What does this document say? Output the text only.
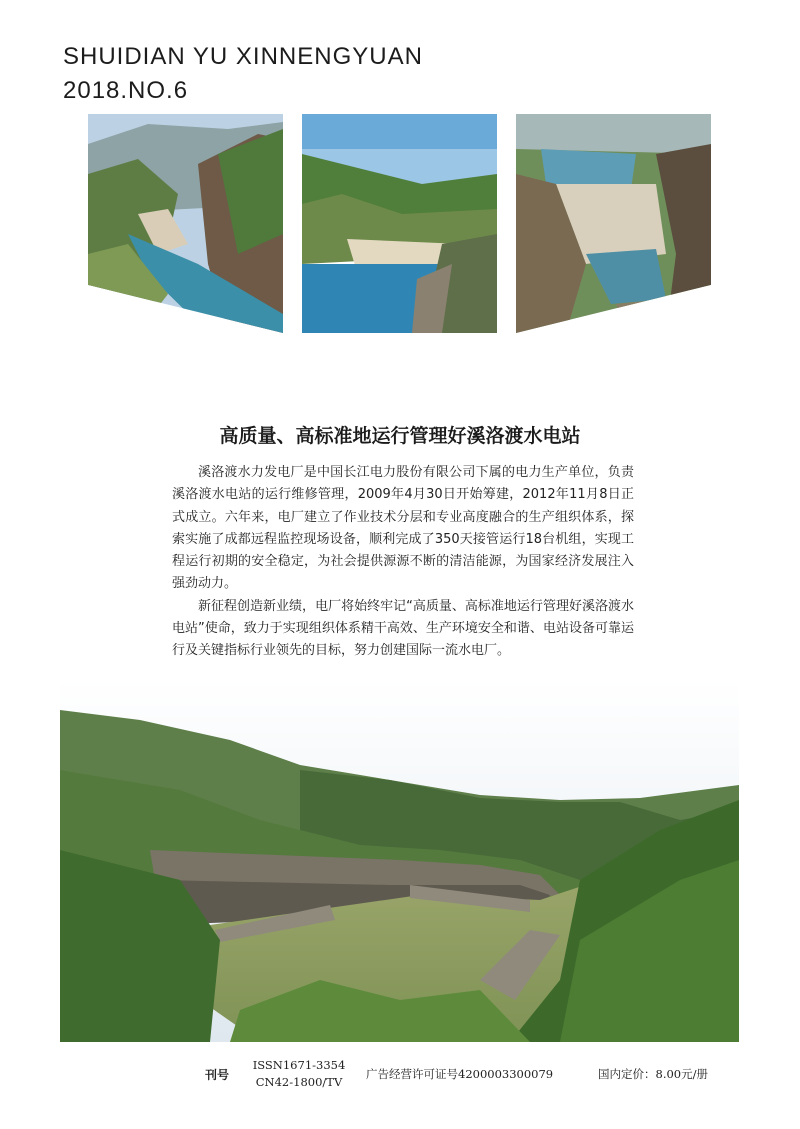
SHUIDIAN YU XINNENGYUAN
2018.NO.6
高质量、高标准地运行管理好溪洛渡水电站

溪洛渡水力发电厂是中国长江电力股份有限公司下属的电力生产单位，负责溪洛渡水电站的运行维修管理，2009年4月30日开始筹建，2012年11月8日正式成立。六年来，电厂建立了作业技术分层和专业高度融合的生产组织体系，探索实施了成都远程监控现场设备，顺利完成了350天接管运行18台机组，实现工程运行初期的安全稳定，为社会提供源源不断的清洁能源，为国家经济发展注入强劲动力。

新征程创造新业绩，电厂将始终牢记“高质量、高标准地运行管理好溪洛渡水电站”使命，致力于实现组织体系精干高效、生产环境安全和谐、电站设备可靠运行及关键指标行业领先的目标，努力创建国际一流水电厂。

刊号
ISSN1671-3354
CN42-1800/TV
广告经营许可证号4200003300079	国内定价：8.00元/册
